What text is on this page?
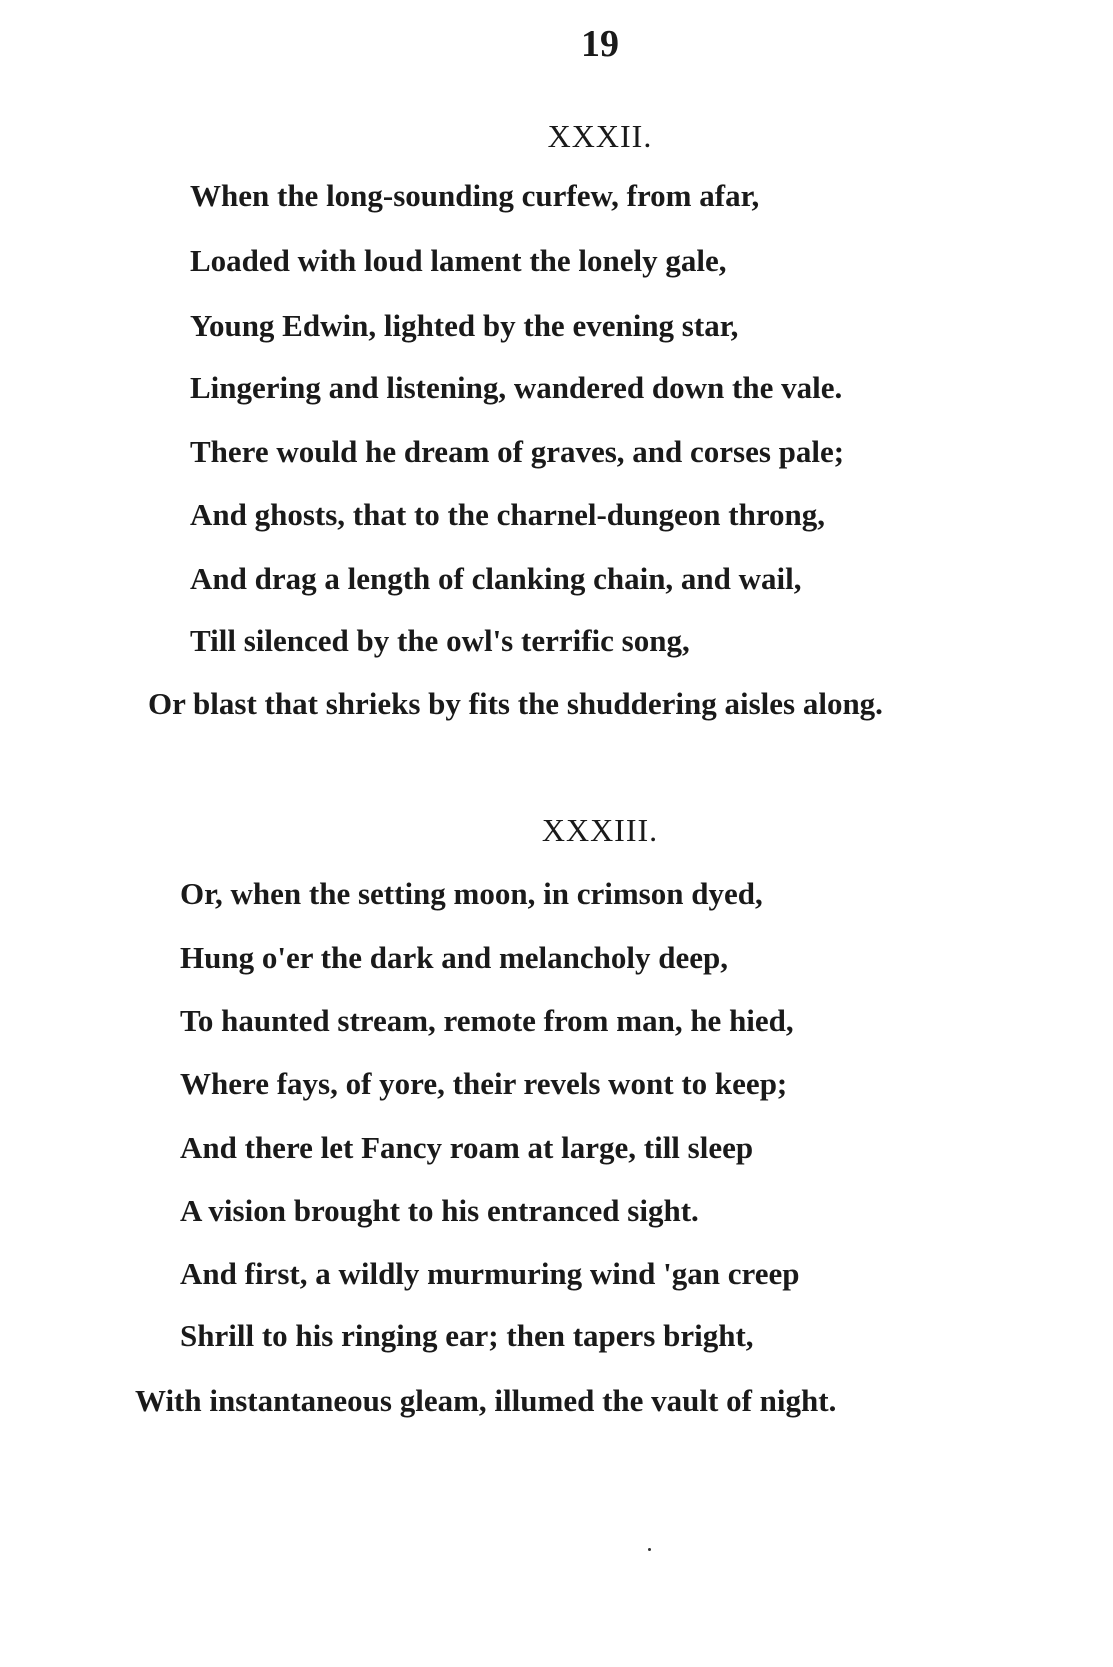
19
XXXII.
When the long-sounding curfew, from afar,
Loaded with loud lament the lonely gale,
Young Edwin, lighted by the evening star,
Lingering and listening, wandered down the vale.
There would he dream of graves, and corses pale;
And ghosts, that to the charnel-dungeon throng,
And drag a length of clanking chain, and wail,
Till silenced by the owl's terrific song,
Or blast that shrieks by fits the shuddering aisles along.
XXXIII.
Or, when the setting moon, in crimson dyed,
Hung o'er the dark and melancholy deep,
To haunted stream, remote from man, he hied,
Where fays, of yore, their revels wont to keep;
And there let Fancy roam at large, till sleep
A vision brought to his entranced sight.
And first, a wildly murmuring wind 'gan creep
Shrill to his ringing ear; then tapers bright,
With instantaneous gleam, illumed the vault of night.
